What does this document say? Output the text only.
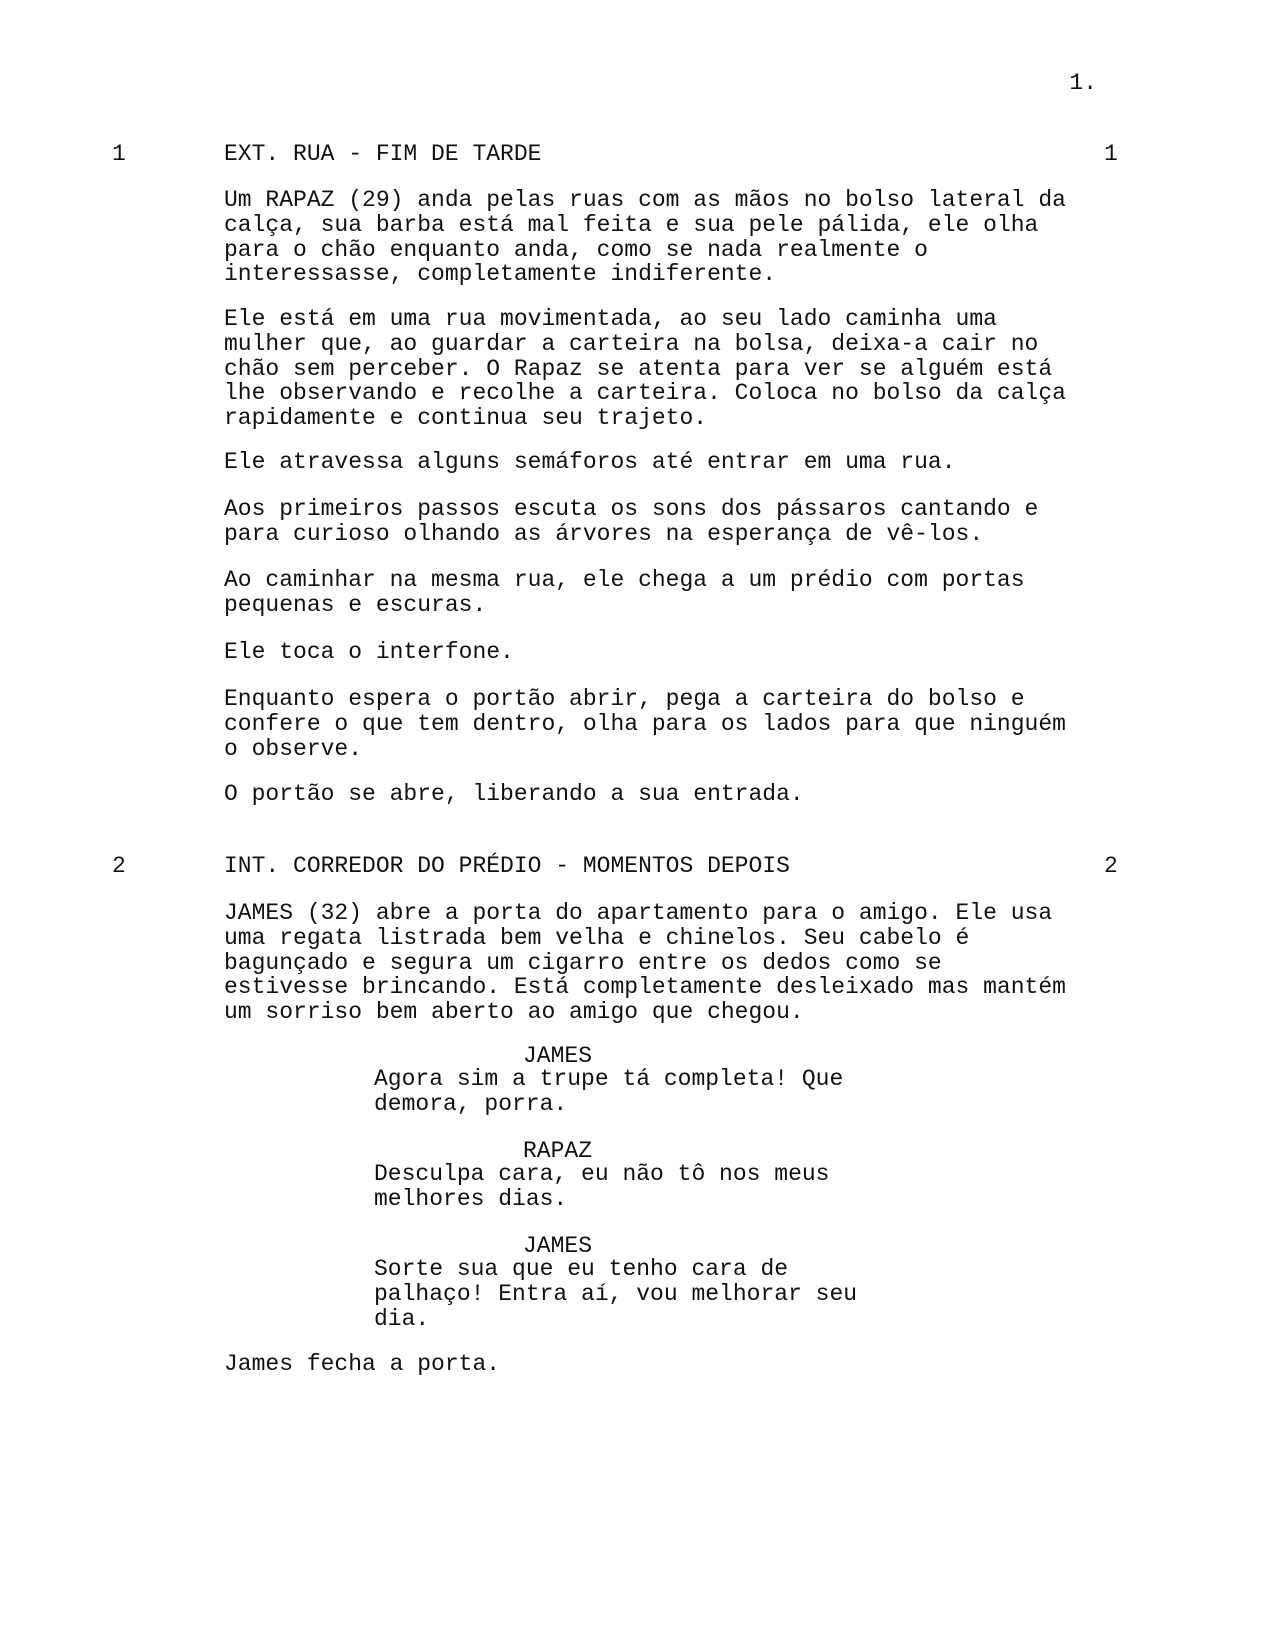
1.
1	EXT. RUA - FIM DE TARDE	1

Um RAPAZ (29) anda pelas ruas com as mãos no bolso lateral da
calça, sua barba está mal feita e sua pele pálida, ele olha
para o chão enquanto anda, como se nada realmente o
interessasse, completamente indiferente.

Ele está em uma rua movimentada, ao seu lado caminha uma
mulher que, ao guardar a carteira na bolsa, deixa-a cair no
chão sem perceber. O Rapaz se atenta para ver se alguém está
lhe observando e recolhe a carteira. Coloca no bolso da calça
rapidamente e continua seu trajeto.

Ele atravessa alguns semáforos até entrar em uma rua.

Aos primeiros passos escuta os sons dos pássaros cantando e
para curioso olhando as árvores na esperança de vê-los.

Ao caminhar na mesma rua, ele chega a um prédio com portas
pequenas e escuras.

Ele toca o interfone.

Enquanto espera o portão abrir, pega a carteira do bolso e
confere o que tem dentro, olha para os lados para que ninguém
o observe.

O portão se abre, liberando a sua entrada.

2	INT. CORREDOR DO PRÉDIO - MOMENTOS DEPOIS	2

JAMES (32) abre a porta do apartamento para o amigo. Ele usa
uma regata listrada bem velha e chinelos. Seu cabelo é
bagunçado e segura um cigarro entre os dedos como se
estivesse brincando. Está completamente desleixado mas mantém
um sorriso bem aberto ao amigo que chegou.

JAMES

Agora sim a trupe tá completa! Que
demora, porra.

RAPAZ

Desculpa cara, eu não tô nos meus
melhores dias.

JAMES

Sorte sua que eu tenho cara de
palhaço! Entra aí, vou melhorar seu
dia.

James fecha a porta.
